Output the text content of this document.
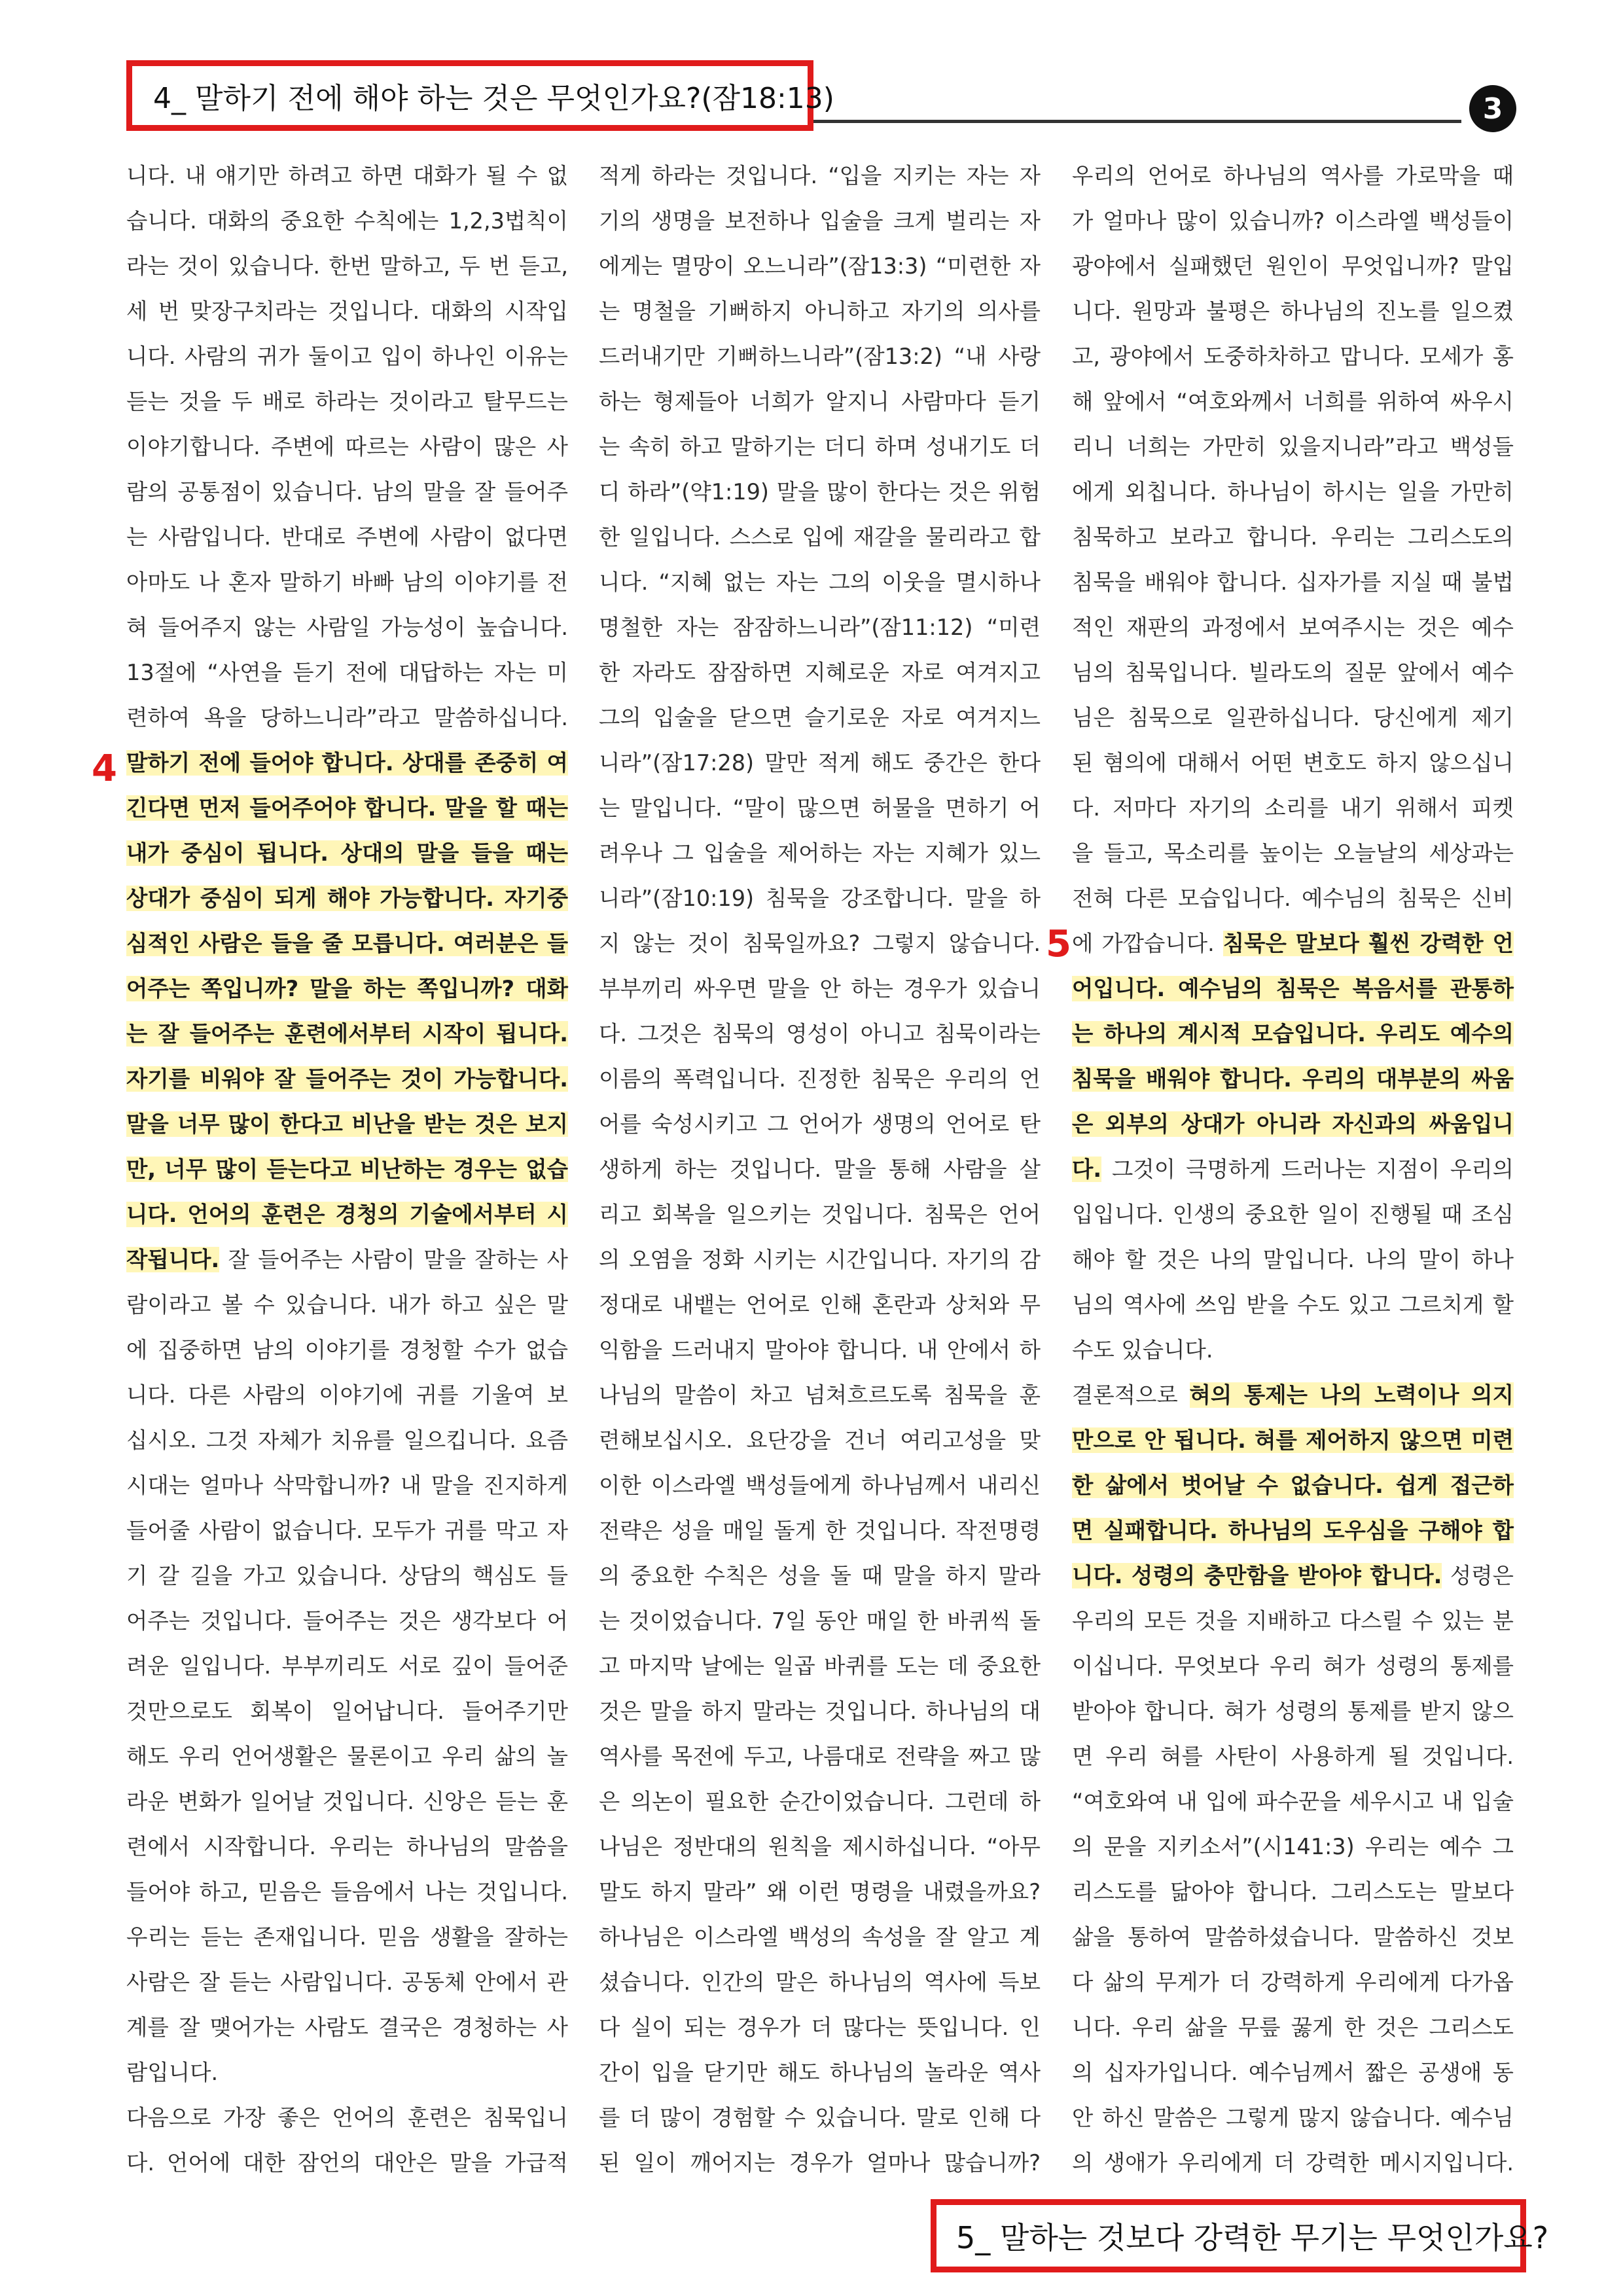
4_ 말하기 전에 해야 하는 것은 무엇인가요?(잠18:13)	3
4
5
니다. 내 얘기만 하려고 하면 대화가 될 수 없
습니다. 대화의 중요한 수칙에는 1,2,3법칙이
라는 것이 있습니다. 한번 말하고, 두 번 듣고,
세 번 맞장구치라는 것입니다. 대화의 시작입
니다. 사람의 귀가 둘이고 입이 하나인 이유는
듣는 것을 두 배로 하라는 것이라고 탈무드는
이야기합니다. 주변에 따르는 사람이 많은 사
람의 공통점이 있습니다. 남의 말을 잘 들어주
는 사람입니다. 반대로 주변에 사람이 없다면
아마도 나 혼자 말하기 바빠 남의 이야기를 전
혀 들어주지 않는 사람일 가능성이 높습니다.
13절에 “사연을 듣기 전에 대답하는 자는 미
련하여 욕을 당하느니라”라고 말씀하십니다.
말하기 전에 들어야 합니다. 상대를 존중히 여
긴다면 먼저 들어주어야 합니다. 말을 할 때는
내가 중심이 됩니다. 상대의 말을 들을 때는
상대가 중심이 되게 해야 가능합니다. 자기중
심적인 사람은 들을 줄 모릅니다. 여러분은 들
어주는 쪽입니까? 말을 하는 쪽입니까? 대화
는 잘 들어주는 훈련에서부터 시작이 됩니다.
자기를 비워야 잘 들어주는 것이 가능합니다.
말을 너무 많이 한다고 비난을 받는 것은 보지
만, 너무 많이 듣는다고 비난하는 경우는 없습
니다. 언어의 훈련은 경청의 기술에서부터 시
작됩니다. 잘 들어주는 사람이 말을 잘하는 사
람이라고 볼 수 있습니다. 내가 하고 싶은 말
에 집중하면 남의 이야기를 경청할 수가 없습
니다. 다른 사람의 이야기에 귀를 기울여 보
십시오. 그것 자체가 치유를 일으킵니다. 요즘
시대는 얼마나 삭막합니까? 내 말을 진지하게
들어줄 사람이 없습니다. 모두가 귀를 막고 자
기 갈 길을 가고 있습니다. 상담의 핵심도 들
어주는 것입니다. 들어주는 것은 생각보다 어
려운 일입니다. 부부끼리도 서로 깊이 들어준
것만으로도 회복이 일어납니다. 들어주기만
해도 우리 언어생활은 물론이고 우리 삶의 놀
라운 변화가 일어날 것입니다. 신앙은 듣는 훈
련에서 시작합니다. 우리는 하나님의 말씀을
들어야 하고, 믿음은 들음에서 나는 것입니다.
우리는 듣는 존재입니다. 믿음 생활을 잘하는
사람은 잘 듣는 사람입니다. 공동체 안에서 관
계를 잘 맺어가는 사람도 결국은 경청하는 사
람입니다.
다음으로 가장 좋은 언어의 훈련은 침묵입니
다. 언어에 대한 잠언의 대안은 말을 가급적
적게 하라는 것입니다. “입을 지키는 자는 자
기의 생명을 보전하나 입술을 크게 벌리는 자
에게는 멸망이 오느니라”(잠13:3) “미련한 자
는 명철을 기뻐하지 아니하고 자기의 의사를
드러내기만 기뻐하느니라”(잠13:2) “내 사랑
하는 형제들아 너희가 알지니 사람마다 듣기
는 속히 하고 말하기는 더디 하며 성내기도 더
디 하라”(약1:19) 말을 많이 한다는 것은 위험
한 일입니다. 스스로 입에 재갈을 물리라고 합
니다. “지혜 없는 자는 그의 이웃을 멸시하나
명철한 자는 잠잠하느니라”(잠11:12) “미련
한 자라도 잠잠하면 지혜로운 자로 여겨지고
그의 입술을 닫으면 슬기로운 자로 여겨지느
니라”(잠17:28) 말만 적게 해도 중간은 한다
는 말입니다. “말이 많으면 허물을 면하기 어
려우나 그 입술을 제어하는 자는 지혜가 있느
니라”(잠10:19) 침묵을 강조합니다. 말을 하
지 않는 것이 침묵일까요? 그렇지 않습니다.
부부끼리 싸우면 말을 안 하는 경우가 있습니
다. 그것은 침묵의 영성이 아니고 침묵이라는
이름의 폭력입니다. 진정한 침묵은 우리의 언
어를 숙성시키고 그 언어가 생명의 언어로 탄
생하게 하는 것입니다. 말을 통해 사람을 살
리고 회복을 일으키는 것입니다. 침묵은 언어
의 오염을 정화 시키는 시간입니다. 자기의 감
정대로 내뱉는 언어로 인해 혼란과 상처와 무
익함을 드러내지 말아야 합니다. 내 안에서 하
나님의 말씀이 차고 넘쳐흐르도록 침묵을 훈
련해보십시오. 요단강을 건너 여리고성을 맞
이한 이스라엘 백성들에게 하나님께서 내리신
전략은 성을 매일 돌게 한 것입니다. 작전명령
의 중요한 수칙은 성을 돌 때 말을 하지 말라
는 것이었습니다. 7일 동안 매일 한 바퀴씩 돌
고 마지막 날에는 일곱 바퀴를 도는 데 중요한
것은 말을 하지 말라는 것입니다. 하나님의 대
역사를 목전에 두고, 나름대로 전략을 짜고 많
은 의논이 필요한 순간이었습니다. 그런데 하
나님은 정반대의 원칙을 제시하십니다. “아무
말도 하지 말라” 왜 이런 명령을 내렸을까요?
하나님은 이스라엘 백성의 속성을 잘 알고 계
셨습니다. 인간의 말은 하나님의 역사에 득보
다 실이 되는 경우가 더 많다는 뜻입니다. 인
간이 입을 닫기만 해도 하나님의 놀라운 역사
를 더 많이 경험할 수 있습니다. 말로 인해 다
된 일이 깨어지는 경우가 얼마나 많습니까?
우리의 언어로 하나님의 역사를 가로막을 때
가 얼마나 많이 있습니까? 이스라엘 백성들이
광야에서 실패했던 원인이 무엇입니까? 말입
니다. 원망과 불평은 하나님의 진노를 일으켰
고, 광야에서 도중하차하고 맙니다. 모세가 홍
해 앞에서 “여호와께서 너희를 위하여 싸우시
리니 너희는 가만히 있을지니라”라고 백성들
에게 외칩니다. 하나님이 하시는 일을 가만히
침묵하고 보라고 합니다. 우리는 그리스도의
침묵을 배워야 합니다. 십자가를 지실 때 불법
적인 재판의 과정에서 보여주시는 것은 예수
님의 침묵입니다. 빌라도의 질문 앞에서 예수
님은 침묵으로 일관하십니다. 당신에게 제기
된 혐의에 대해서 어떤 변호도 하지 않으십니
다. 저마다 자기의 소리를 내기 위해서 피켓
을 들고, 목소리를 높이는 오늘날의 세상과는
전혀 다른 모습입니다. 예수님의 침묵은 신비
에 가깝습니다. 침묵은 말보다 훨씬 강력한 언
어입니다. 예수님의 침묵은 복음서를 관통하
는 하나의 계시적 모습입니다. 우리도 예수의
침묵을 배워야 합니다. 우리의 대부분의 싸움
은 외부의 상대가 아니라 자신과의 싸움입니
다. 그것이 극명하게 드러나는 지점이 우리의
입입니다. 인생의 중요한 일이 진행될 때 조심
해야 할 것은 나의 말입니다. 나의 말이 하나
님의 역사에 쓰임 받을 수도 있고 그르치게 할
수도 있습니다.
결론적으로 혀의 통제는 나의 노력이나 의지
만으로 안 됩니다. 혀를 제어하지 않으면 미련
한 삶에서 벗어날 수 없습니다. 쉽게 접근하
면 실패합니다. 하나님의 도우심을 구해야 합
니다. 성령의 충만함을 받아야 합니다. 성령은
우리의 모든 것을 지배하고 다스릴 수 있는 분
이십니다. 무엇보다 우리 혀가 성령의 통제를
받아야 합니다. 혀가 성령의 통제를 받지 않으
면 우리 혀를 사탄이 사용하게 될 것입니다.
“여호와여 내 입에 파수꾼을 세우시고 내 입술
의 문을 지키소서”(시141:3) 우리는 예수 그
리스도를 닮아야 합니다. 그리스도는 말보다
삶을 통하여 말씀하셨습니다. 말씀하신 것보
다 삶의 무게가 더 강력하게 우리에게 다가옵
니다. 우리 삶을 무릎 꿇게 한 것은 그리스도
의 십자가입니다. 예수님께서 짧은 공생애 동
안 하신 말씀은 그렇게 많지 않습니다. 예수님
의 생애가 우리에게 더 강력한 메시지입니다.
5_ 말하는 것보다 강력한 무기는 무엇인가요?
